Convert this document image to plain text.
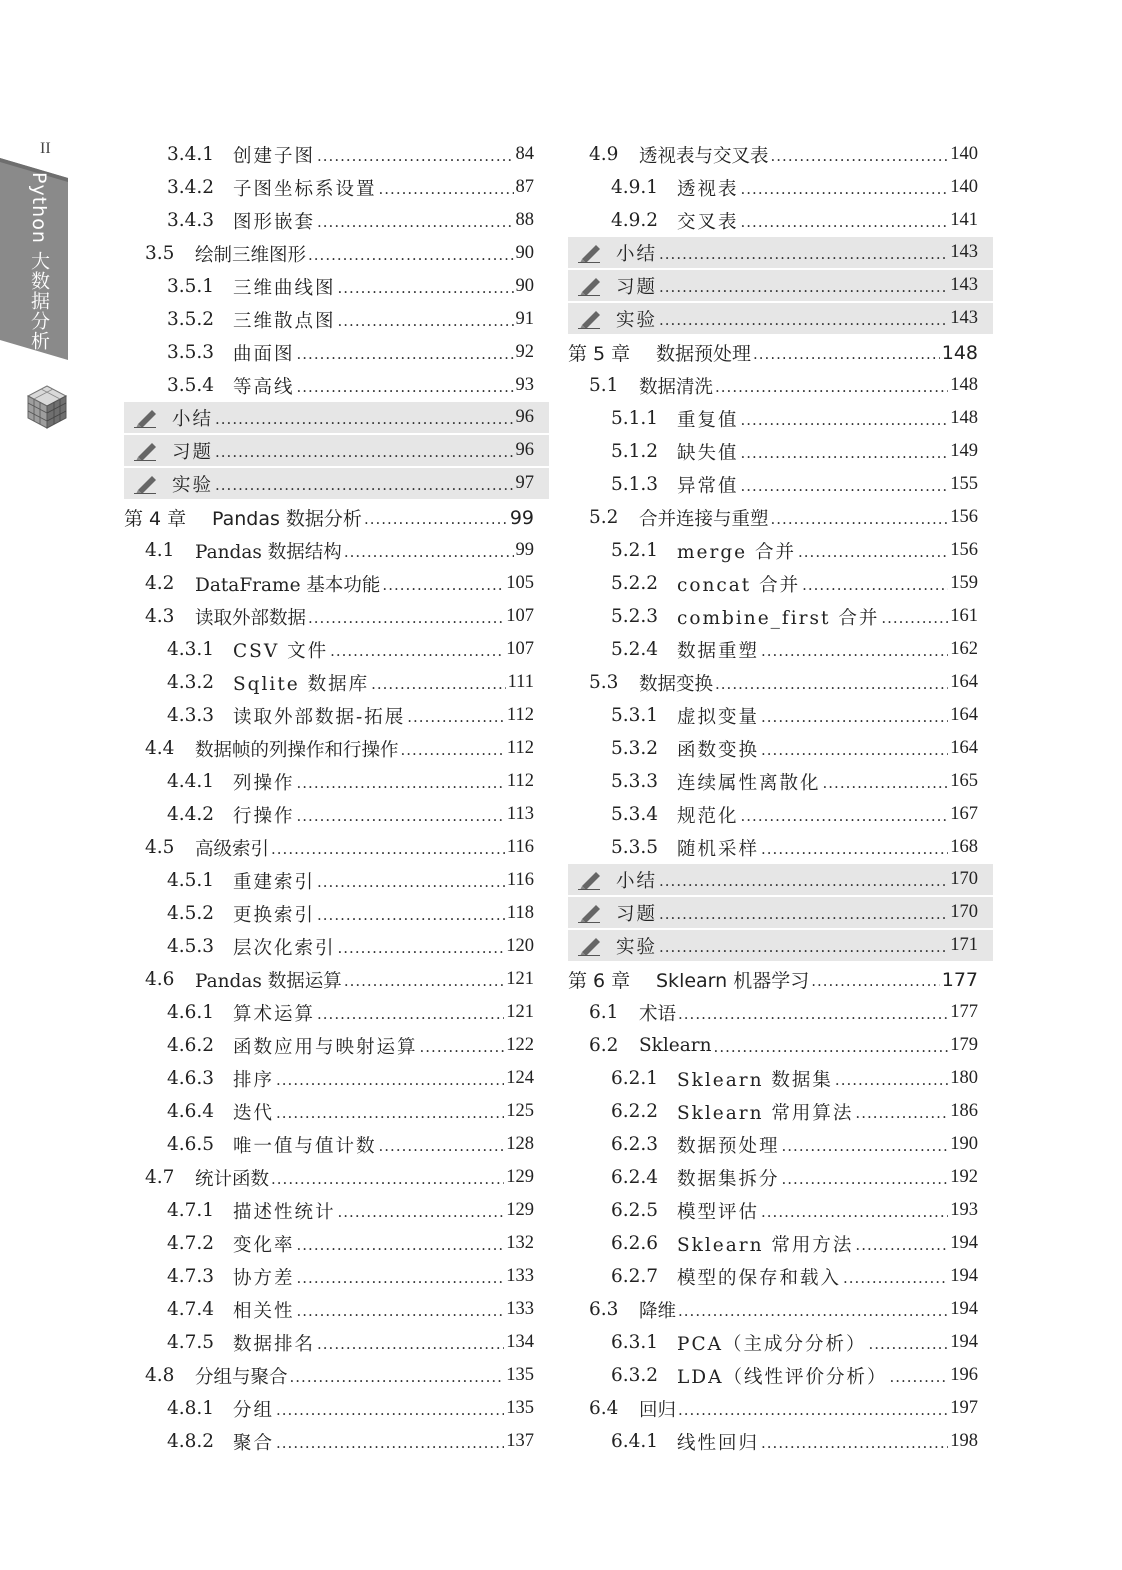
II
Python 大数据分析
3.4.1	创建子图 .....	84
3.4.2	子图坐标系设置 .....	87
3.4.3	图形嵌套 .....	88
3.5	绘制三维图形 .....	90
3.5.1	三维曲线图 .....	90
3.5.2	三维散点图 .....	91
3.5.3	曲面图 .....	92
3.5.4	等高线 .....	93
小结 .....	96
习题 .....	96
实验 .....	97
第 4 章	Pandas 数据分析 .....	99
4.1	Pandas 数据结构 .....	99
4.2	DataFrame 基本功能 .....	105
4.3	读取外部数据 .....	107
4.3.1	CSV 文件 .....	107
4.3.2	Sqlite 数据库 .....	111
4.3.3	读取外部数据-拓展 .....	112
4.4	数据帧的列操作和行操作 .....	112
4.4.1	列操作 .....	112
4.4.2	行操作 .....	113
4.5	高级索引 .....	116
4.5.1	重建索引 .....	116
4.5.2	更换索引 .....	118
4.5.3	层次化索引 .....	120
4.6	Pandas 数据运算 .....	121
4.6.1	算术运算 .....	121
4.6.2	函数应用与映射运算 .....	122
4.6.3	排序 .....	124
4.6.4	迭代 .....	125
4.6.5	唯一值与值计数 .....	128
4.7	统计函数 .....	129
4.7.1	描述性统计 .....	129
4.7.2	变化率 .....	132
4.7.3	协方差 .....	133
4.7.4	相关性 .....	133
4.7.5	数据排名 .....	134
4.8	分组与聚合 .....	135
4.8.1	分组 .....	135
4.8.2	聚合 .....	137
4.9	透视表与交叉表 .....	140
4.9.1	透视表 .....	140
4.9.2	交叉表 .....	141
小结 .....	143
习题 .....	143
实验 .....	143
第 5 章	数据预处理 .....	148
5.1	数据清洗 .....	148
5.1.1	重复值 .....	148
5.1.2	缺失值 .....	149
5.1.3	异常值 .....	155
5.2	合并连接与重塑 .....	156
5.2.1	merge 合并 .....	156
5.2.2	concat 合并 .....	159
5.2.3	combine_first 合并 .....	161
5.2.4	数据重塑 .....	162
5.3	数据变换 .....	164
5.3.1	虚拟变量 .....	164
5.3.2	函数变换 .....	164
5.3.3	连续属性离散化 .....	165
5.3.4	规范化 .....	167
5.3.5	随机采样 .....	168
小结 .....	170
习题 .....	170
实验 .....	171
第 6 章	Sklearn 机器学习 .....	177
6.1	术语 .....	177
6.2	Sklearn .....	179
6.2.1	Sklearn 数据集 .....	180
6.2.2	Sklearn 常用算法 .....	186
6.2.3	数据预处理 .....	190
6.2.4	数据集拆分 .....	192
6.2.5	模型评估 .....	193
6.2.6	Sklearn 常用方法 .....	194
6.2.7	模型的保存和载入 .....	194
6.3	降维 .....	194
6.3.1	PCA（主成分分析） .....	194
6.3.2	LDA（线性评价分析） .....	196
6.4	回归 .....	197
6.4.1	线性回归 .....	198
